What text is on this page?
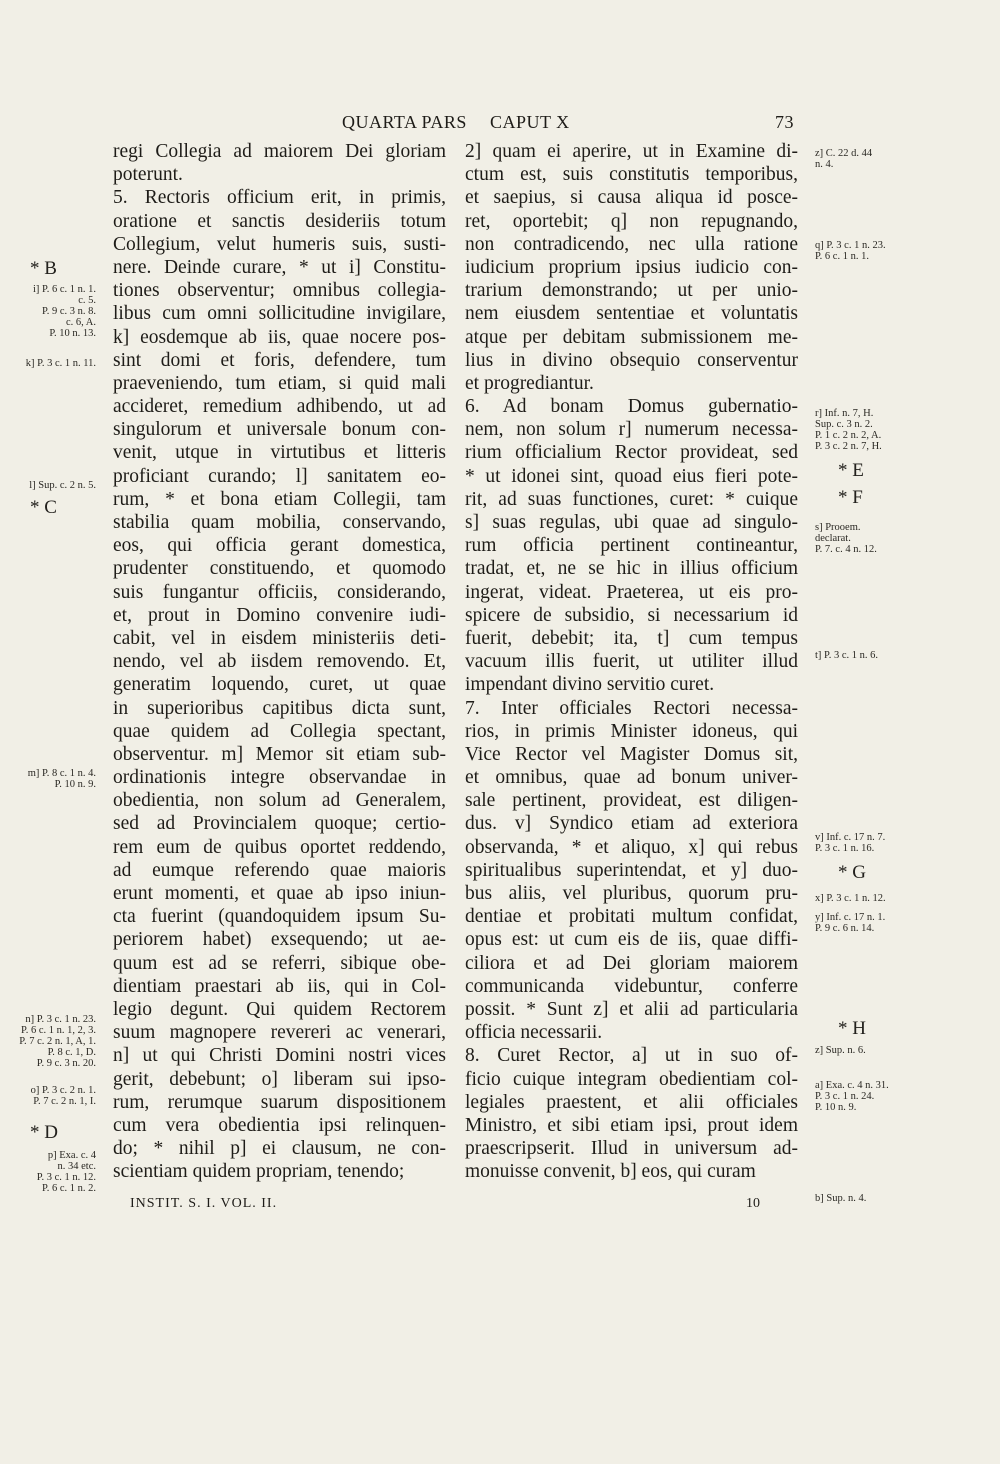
QUARTA PARS CAPUT X	73
regi Collegia ad maiorem Dei gloriam
poterunt.
5. Rectoris officium erit, in primis,
oratione et sanctis desideriis totum
Collegium, velut humeris suis, susti-
nere. Deinde curare, * ut i] Constitu-
tiones observentur; omnibus collegia-
libus cum omni sollicitudine invigilare,
k] eosdemque ab iis, quae nocere pos-
sint domi et foris, defendere, tum
praeveniendo, tum etiam, si quid mali
accideret, remedium adhibendo, ut ad
singulorum et universale bonum con-
venit, utque in virtutibus et litteris
proficiant curando; l] sanitatem eo-
rum, * et bona etiam Collegii, tam
stabilia quam mobilia, conservando,
eos, qui officia gerant domestica,
prudenter constituendo, et quomodo
suis fungantur officiis, considerando,
et, prout in Domino convenire iudi-
cabit, vel in eisdem ministeriis deti-
nendo, vel ab iisdem removendo. Et,
generatim loquendo, curet, ut quae
in superioribus capitibus dicta sunt,
quae quidem ad Collegia spectant,
observentur. m] Memor sit etiam sub-
ordinationis integre observandae in
obedientia, non solum ad Generalem,
sed ad Provincialem quoque; certio-
rem eum de quibus oportet reddendo,
ad eumque referendo quae maioris
erunt momenti, et quae ab ipso iniun-
cta fuerint (quandoquidem ipsum Su-
periorem habet) exsequendo; ut ae-
quum est ad se referri, sibique obe-
dientiam praestari ab iis, qui in Col-
legio degunt. Qui quidem Rectorem
suum magnopere revereri ac venerari,
n] ut qui Christi Domini nostri vices
gerit, debebunt; o] liberam sui ipso-
rum, rerumque suarum dispositionem
cum vera obedientia ipsi relinquen-
do; * nihil p] ei clausum, ne con-
scientiam quidem propriam, tenendo;
2] quam ei aperire, ut in Examine di-
ctum est, suis constitutis temporibus,
et saepius, si causa aliqua id posce-
ret, oportebit; q] non repugnando,
non contradicendo, nec ulla ratione
iudicium proprium ipsius iudicio con-
trarium demonstrando; ut per unio-
nem eiusdem sententiae et voluntatis
atque per debitam submissionem me-
lius in divino obsequio conserventur
et progrediantur.
6. Ad bonam Domus gubernatio-
nem, non solum r] numerum necessa-
rium officialium Rector provideat, sed
* ut idonei sint, quoad eius fieri pote-
rit, ad suas functiones, curet: * cuique
s] suas regulas, ubi quae ad singulo-
rum officia pertinent contineantur,
tradat, et, ne se hic in illius officium
ingerat, videat. Praeterea, ut eis pro-
spicere de subsidio, si necessarium id
fuerit, debebit; ita, t] cum tempus
vacuum illis fuerit, ut utiliter illud
impendant divino servitio curet.
7. Inter officiales Rectori necessa-
rios, in primis Minister idoneus, qui
Vice Rector vel Magister Domus sit,
et omnibus, quae ad bonum univer-
sale pertinent, provideat, est diligen-
dus. v] Syndico etiam ad exteriora
observanda, * et aliquo, x] qui rebus
spiritualibus superintendat, et y] duo-
bus aliis, vel pluribus, quorum pru-
dentiae et probitati multum confidat,
opus est: ut cum eis de iis, quae diffi-
ciliora et ad Dei gloriam maiorem
communicanda videbuntur, conferre
possit. * Sunt z] et alii ad particularia
officia necessarii.
8. Curet Rector, a] ut in suo of-
ficio cuique integram obedientiam col-
legiales praestent, et alii officiales
Ministro, et sibi etiam ipsi, prout idem
praescripserit. Illud in universum ad-
monuisse convenit, b] eos, qui curam
* B
i] P. 6 c. 1 n. 1.
c. 5.
P. 9 c. 3 n. 8.
c. 6, A.
P. 10 n. 13.
k] P. 3 c. 1 n. 11.
l] Sup. c. 2 n. 5.
* C
m] P. 8 c. 1 n. 4.
P. 10 n. 9.
n] P. 3 c. 1 n. 23.
P. 6 c. 1 n. 1, 2, 3.
P. 7 c. 2 n. 1, A, 1.
P. 8 c. 1, D.
P. 9 c. 3 n. 20.
o] P. 3 c. 2 n. 1.
P. 7 c. 2 n. 1, I.
* D
p] Exa. c. 4
n. 34 etc.
P. 3 c. 1 n. 12.
P. 6 c. 1 n. 2.
z] C. 22 d. 44
n. 4.
q] P. 3 c. 1 n. 23.
P. 6 c. 1 n. 1.
r] Inf. n. 7, H.
Sup. c. 3 n. 2.
P. 1 c. 2 n. 2, A.
P. 3 c. 2 n. 7, H.
* E
* F
s] Prooem.
declarat.
P. 7. c. 4 n. 12.
t] P. 3 c. 1 n. 6.
v] Inf. c. 17 n. 7.
P. 3 c. 1 n. 16.
* G
x] P. 3 c. 1 n. 12.
y] Inf. c. 17 n. 1.
P. 9 c. 6 n. 14.
* H
z] Sup. n. 6.
a] Exa. c. 4 n. 31.
P. 3 c. 1 n. 24.
P. 10 n. 9.
b] Sup. n. 4.
INSTIT. S. I. VOL. II.	10
